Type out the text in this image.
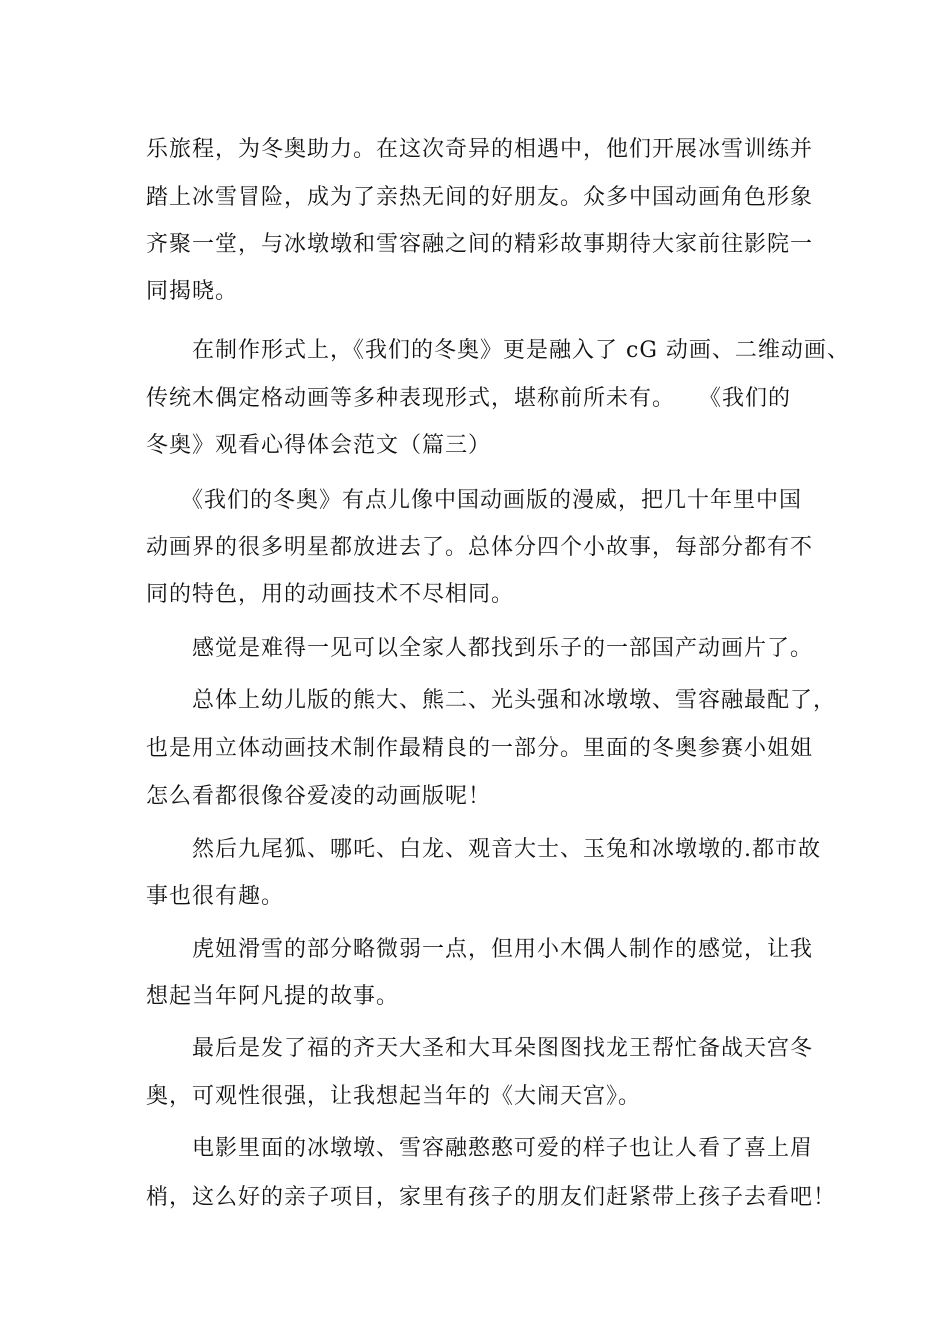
乐旅程，为冬奥助力。在这次奇异的相遇中，他们开展冰雪训练并
踏上冰雪冒险，成为了亲热无间的好朋友。众多中国动画角色形象
齐聚一堂，与冰墩墩和雪容融之间的精彩故事期待大家前往影院一
同揭晓。
　　在制作形式上，《我们的冬奥》更是融入了 cG 动画、二维动画、
传统木偶定格动画等多种表现形式，堪称前所未有。　　《我们的
冬奥》观看心得体会范文（篇三）
　　《我们的冬奥》有点儿像中国动画版的漫威，把几十年里中国
动画界的很多明星都放进去了。总体分四个小故事，每部分都有不
同的特色，用的动画技术不尽相同。
　　感觉是难得一见可以全家人都找到乐子的一部国产动画片了。
　　总体上幼儿版的熊大、熊二、光头强和冰墩墩、雪容融最配了，
也是用立体动画技术制作最精良的一部分。里面的冬奥参赛小姐姐
怎么看都很像谷爱凌的动画版呢！
　　然后九尾狐、哪吒、白龙、观音大士、玉兔和冰墩墩的.都市故
事也很有趣。
　　虎妞滑雪的部分略微弱一点，但用小木偶人制作的感觉，让我
想起当年阿凡提的故事。
　　最后是发了福的齐天大圣和大耳朵图图找龙王帮忙备战天宫冬
奥，可观性很强，让我想起当年的《大闹天宫》。
　　电影里面的冰墩墩、雪容融憨憨可爱的样子也让人看了喜上眉
梢，这么好的亲子项目，家里有孩子的朋友们赶紧带上孩子去看吧！
